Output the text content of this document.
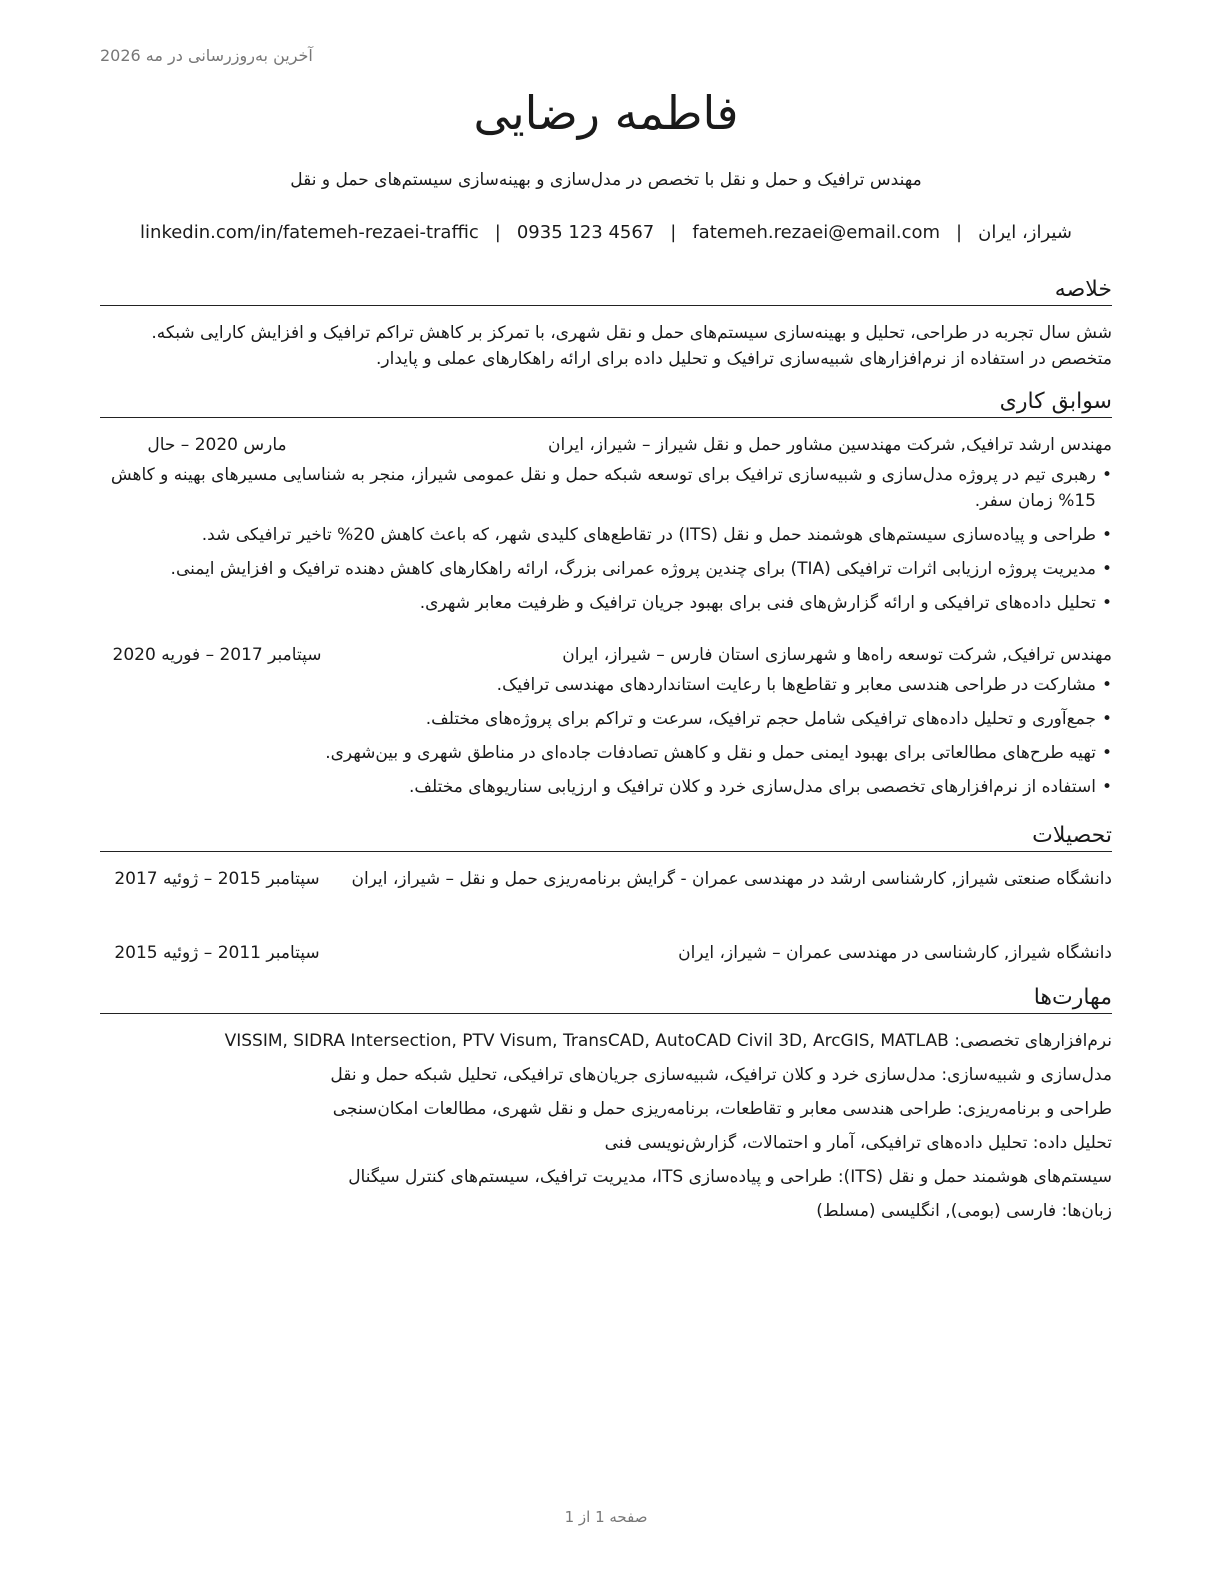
آخرین به‌روزرسانی در مه 2026
فاطمه رضایی
مهندس ترافیک و حمل و نقل با تخصص در مدل‌سازی و بهینه‌سازی سیستم‌های حمل و نقل
شیراز، ایران|fatemeh.rezaei@email.com|0935 123 4567|linkedin.com/in/fatemeh-rezaei-traffic
خلاصه
شش سال تجربه در طراحی، تحلیل و بهینه‌سازی سیستم‌های حمل و نقل شهری، با تمرکز بر کاهش تراکم ترافیک و افزایش کارایی شبکه. متخصص در استفاده از نرم‌افزارهای شبیه‌سازی ترافیک و تحلیل داده برای ارائه راهکارهای عملی و پایدار.
سوابق کاری
مهندس ارشد ترافیک, شرکت مهندسین مشاور حمل و نقل شیراز – شیراز، ایران
مارس 2020 – حال
• رهبری تیم در پروژه مدل‌سازی و شبیه‌سازی ترافیک برای توسعه شبکه حمل و نقل عمومی شیراز، منجر به شناسایی مسیرهای بهینه و کاهش 15% زمان سفر.
• طراحی و پیاده‌سازی سیستم‌های هوشمند حمل و نقل (ITS) در تقاطع‌های کلیدی شهر، که باعث کاهش 20% تاخیر ترافیکی شد.
• مدیریت پروژه ارزیابی اثرات ترافیکی (TIA) برای چندین پروژه عمرانی بزرگ، ارائه راهکارهای کاهش دهنده ترافیک و افزایش ایمنی.
• تحلیل داده‌های ترافیکی و ارائه گزارش‌های فنی برای بهبود جریان ترافیک و ظرفیت معابر شهری.
مهندس ترافیک, شرکت توسعه راه‌ها و شهرسازی استان فارس – شیراز، ایران
سپتامبر 2017 – فوریه 2020
• مشارکت در طراحی هندسی معابر و تقاطع‌ها با رعایت استانداردهای مهندسی ترافیک.
• جمع‌آوری و تحلیل داده‌های ترافیکی شامل حجم ترافیک، سرعت و تراکم برای پروژه‌های مختلف.
• تهیه طرح‌های مطالعاتی برای بهبود ایمنی حمل و نقل و کاهش تصادفات جاده‌ای در مناطق شهری و بین‌شهری.
• استفاده از نرم‌افزارهای تخصصی برای مدل‌سازی خرد و کلان ترافیک و ارزیابی سناریوهای مختلف.
تحصیلات
دانشگاه صنعتی شیراز, کارشناسی ارشد در مهندسی عمران - گرایش برنامه‌ریزی حمل و نقل – شیراز، ایران
سپتامبر 2015 – ژوئیه 2017
دانشگاه شیراز, کارشناسی در مهندسی عمران – شیراز، ایران
سپتامبر 2011 – ژوئیه 2015
مهارت‌ها
نرم‌افزارهای تخصصی: VISSIM, SIDRA Intersection, PTV Visum, TransCAD, AutoCAD Civil 3D, ArcGIS, MATLAB
مدل‌سازی و شبیه‌سازی: مدل‌سازی خرد و کلان ترافیک، شبیه‌سازی جریان‌های ترافیکی، تحلیل شبکه حمل و نقل
طراحی و برنامه‌ریزی: طراحی هندسی معابر و تقاطعات، برنامه‌ریزی حمل و نقل شهری، مطالعات امکان‌سنجی
تحلیل داده: تحلیل داده‌های ترافیکی، آمار و احتمالات، گزارش‌نویسی فنی
سیستم‌های هوشمند حمل و نقل (ITS): طراحی و پیاده‌سازی ITS، مدیریت ترافیک، سیستم‌های کنترل سیگنال
زبان‌ها: فارسی (بومی), انگلیسی (مسلط)
صفحه 1 از 1
